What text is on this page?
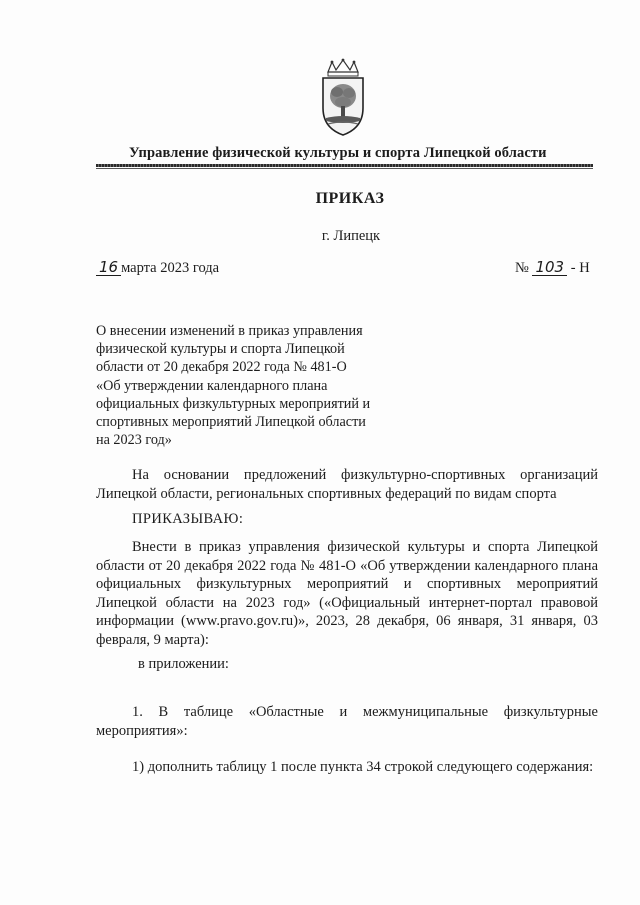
Управление физической культуры и спорта Липецкой области
ПРИКАЗ
г. Липецк
16 марта 2023 года	№ 103 - Н
О внесении изменений в приказ управления
физической культуры и спорта Липецкой
области от 20 декабря 2022 года № 481-О
«Об утверждении календарного плана
официальных физкультурных мероприятий и
спортивных мероприятий Липецкой области
на 2023 год»
На основании предложений физкультурно-спортивных организаций Липецкой области, региональных спортивных федераций по видам спорта
ПРИКАЗЫВАЮ:
Внести в приказ управления физической культуры и спорта Липецкой области от 20 декабря 2022 года № 481-О «Об утверждении календарного плана официальных физкультурных мероприятий и спортивных мероприятий Липецкой области на 2023 год» («Официальный интернет-портал правовой информации (www.pravo.gov.ru)», 2023, 28 декабря, 06 января, 31 января, 03 февраля, 9 марта):
в приложении:
1. В таблице «Областные и межмуниципальные физкультурные мероприятия»:
1) дополнить таблицу 1 после пункта 34 строкой следующего содержания:
